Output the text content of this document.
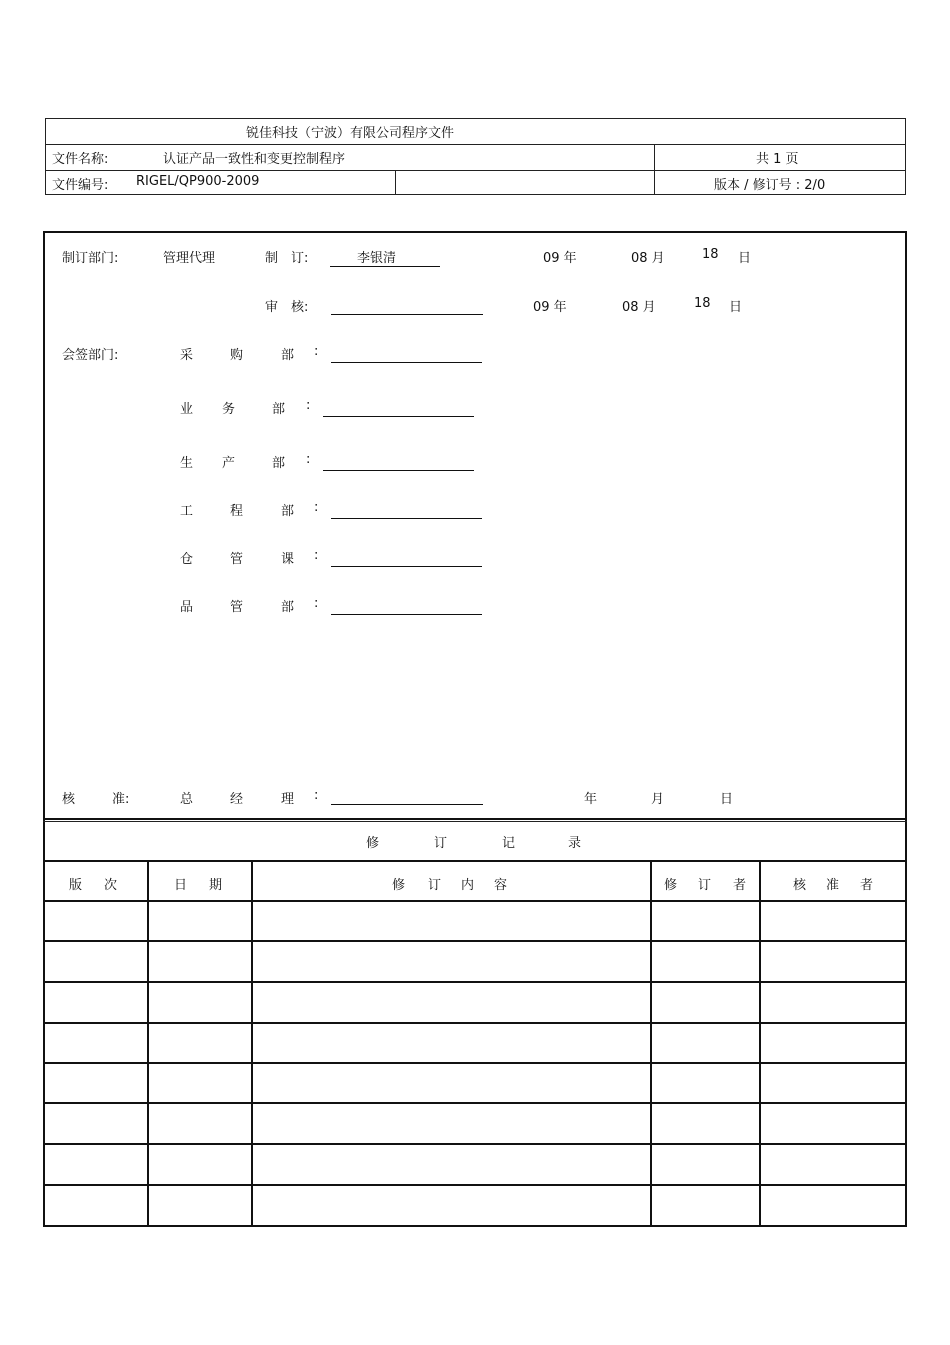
锐佳科技（宁波）有限公司程序文件
文件名称:	认证产品一致性和变更控制程序	共 1 页
文件编号: RIGEL/QP900-2009	版本 / 修订号 : 2/0
制订部门:	管理代理	制　订:	李银清	09 年	08 月	18 日
审　核:	09 年	08 月	18 日
会签部门:	采	购	部 :
业 务	部 :
生 产	部 :
工	程	部 :
仓	管	课 :
品	管	部 :
核	准:	总	经	理 :	年	月	日
修	订	记	录
版 次	日 期	修 订 内 容	修 订 者	核 准 者
